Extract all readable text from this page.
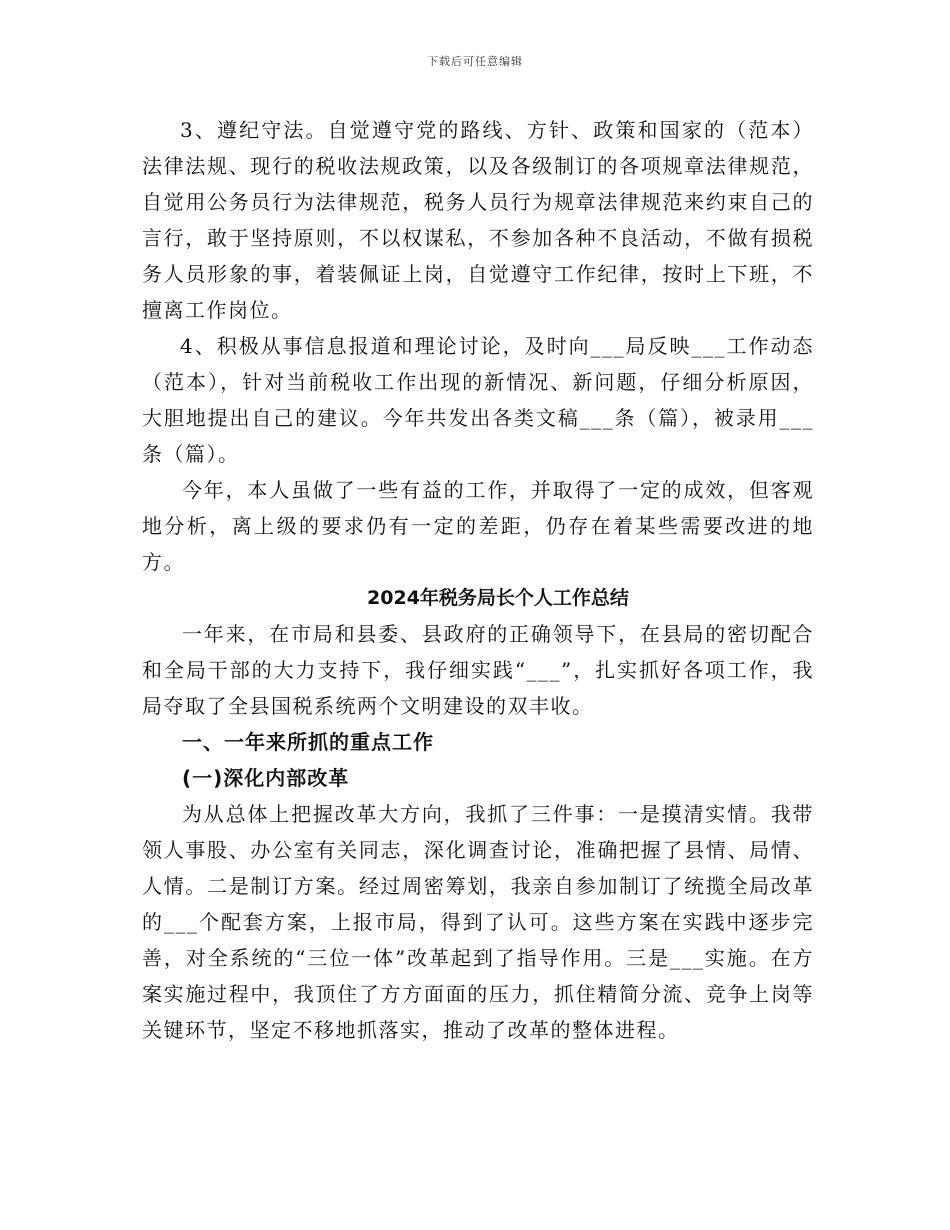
下载后可任意编辑

3、遵纪守法。自觉遵守党的路线、方针、政策和国家的（范本）法律法规、现行的税收法规政策，以及各级制订的各项规章法律规范，自觉用公务员行为法律规范，税务人员行为规章法律规范来约束自己的言行，敢于坚持原则，不以权谋私，不参加各种不良活动，不做有损税务人员形象的事，着装佩证上岗，自觉遵守工作纪律，按时上下班，不擅离工作岗位。

4、积极从事信息报道和理论讨论，及时向___局反映___工作动态（范本），针对当前税收工作出现的新情况、新问题，仔细分析原因，大胆地提出自己的建议。今年共发出各类文稿___条（篇），被录用___条（篇）。

今年，本人虽做了一些有益的工作，并取得了一定的成效，但客观地分析，离上级的要求仍有一定的差距，仍存在着某些需要改进的地方。

2024年税务局长个人工作总结

一年来，在市局和县委、县政府的正确领导下，在县局的密切配合和全局干部的大力支持下，我仔细实践“___”，扎实抓好各项工作，我局夺取了全县国税系统两个文明建设的双丰收。

一、一年来所抓的重点工作

(一)深化内部改革

为从总体上把握改革大方向，我抓了三件事：一是摸清实情。我带领人事股、办公室有关同志，深化调查讨论，准确把握了县情、局情、人情。二是制订方案。经过周密筹划，我亲自参加制订了统揽全局改革的___个配套方案，上报市局，得到了认可。这些方案在实践中逐步完善，对全系统的“三位一体”改革起到了指导作用。三是___实施。在方案实施过程中，我顶住了方方面面的压力，抓住精简分流、竞争上岗等关键环节，坚定不移地抓落实，推动了改革的整体进程。
